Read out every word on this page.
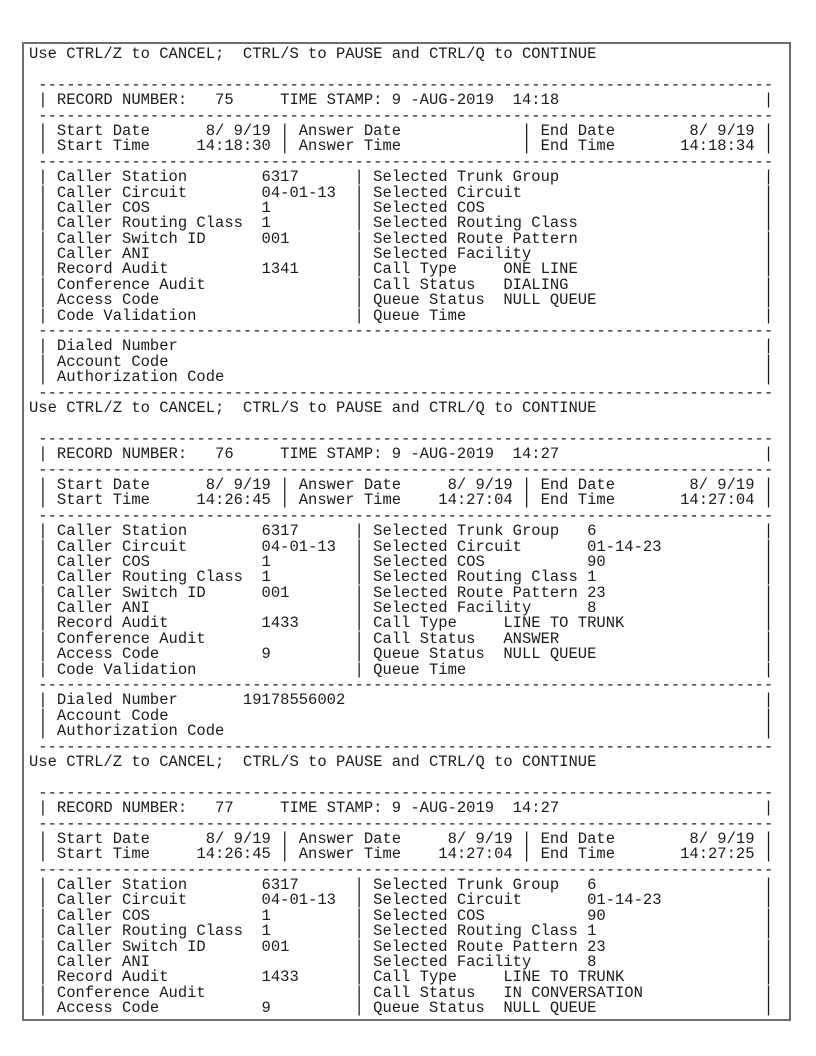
Use CTRL/Z to CANCEL;  CTRL/S to PAUSE and CTRL/Q to CONTINUE

-------------------------------------------------------------------------------
| RECORD NUMBER:   75     TIME STAMP: 9 -AUG-2019  14:18                      |
-------------------------------------------------------------------------------
| Start Date      8/ 9/19 | Answer Date             | End Date        8/ 9/19 |
| Start Time     14:18:30 | Answer Time             | End Time       14:18:34 |
-------------------------------------------------------------------------------
| Caller Station        6317      | Selected Trunk Group                      |
| Caller Circuit        04-01-13  | Selected Circuit                          |
| Caller COS            1         | Selected COS                              |
| Caller Routing Class  1         | Selected Routing Class                    |
| Caller Switch ID      001       | Selected Route Pattern                    |
| Caller ANI                      | Selected Facility                         |
| Record Audit          1341      | Call Type     ONE LINE                    |
| Conference Audit                | Call Status   DIALING                     |
| Access Code                     | Queue Status  NULL QUEUE                  |
| Code Validation                 | Queue Time                                |
-------------------------------------------------------------------------------
| Dialed Number                                                               |
| Account Code                                                                |
| Authorization Code                                                          |
-------------------------------------------------------------------------------
Use CTRL/Z to CANCEL;  CTRL/S to PAUSE and CTRL/Q to CONTINUE

-------------------------------------------------------------------------------
| RECORD NUMBER:   76     TIME STAMP: 9 -AUG-2019  14:27                      |
-------------------------------------------------------------------------------
| Start Date      8/ 9/19 | Answer Date     8/ 9/19 | End Date        8/ 9/19 |
| Start Time     14:26:45 | Answer Time    14:27:04 | End Time       14:27:04 |
-------------------------------------------------------------------------------
| Caller Station        6317      | Selected Trunk Group   6                  |
| Caller Circuit        04-01-13  | Selected Circuit       01-14-23           |
| Caller COS            1         | Selected COS           90                 |
| Caller Routing Class  1         | Selected Routing Class 1                  |
| Caller Switch ID      001       | Selected Route Pattern 23                 |
| Caller ANI                      | Selected Facility      8                  |
| Record Audit          1433      | Call Type     LINE TO TRUNK               |
| Conference Audit                | Call Status   ANSWER                      |
| Access Code           9         | Queue Status  NULL QUEUE                  |
| Code Validation                 | Queue Time                                |
-------------------------------------------------------------------------------
| Dialed Number       19178556002                                             |
| Account Code                                                                |
| Authorization Code                                                          |
-------------------------------------------------------------------------------
Use CTRL/Z to CANCEL;  CTRL/S to PAUSE and CTRL/Q to CONTINUE

-------------------------------------------------------------------------------
| RECORD NUMBER:   77     TIME STAMP: 9 -AUG-2019  14:27                      |
-------------------------------------------------------------------------------
| Start Date      8/ 9/19 | Answer Date     8/ 9/19 | End Date        8/ 9/19 |
| Start Time     14:26:45 | Answer Time    14:27:04 | End Time       14:27:25 |
-------------------------------------------------------------------------------
| Caller Station        6317      | Selected Trunk Group   6                  |
| Caller Circuit        04-01-13  | Selected Circuit       01-14-23           |
| Caller COS            1         | Selected COS           90                 |
| Caller Routing Class  1         | Selected Routing Class 1                  |
| Caller Switch ID      001       | Selected Route Pattern 23                 |
| Caller ANI                      | Selected Facility      8                  |
| Record Audit          1433      | Call Type     LINE TO TRUNK               |
| Conference Audit                | Call Status   IN CONVERSATION             |
| Access Code           9         | Queue Status  NULL QUEUE                  |
